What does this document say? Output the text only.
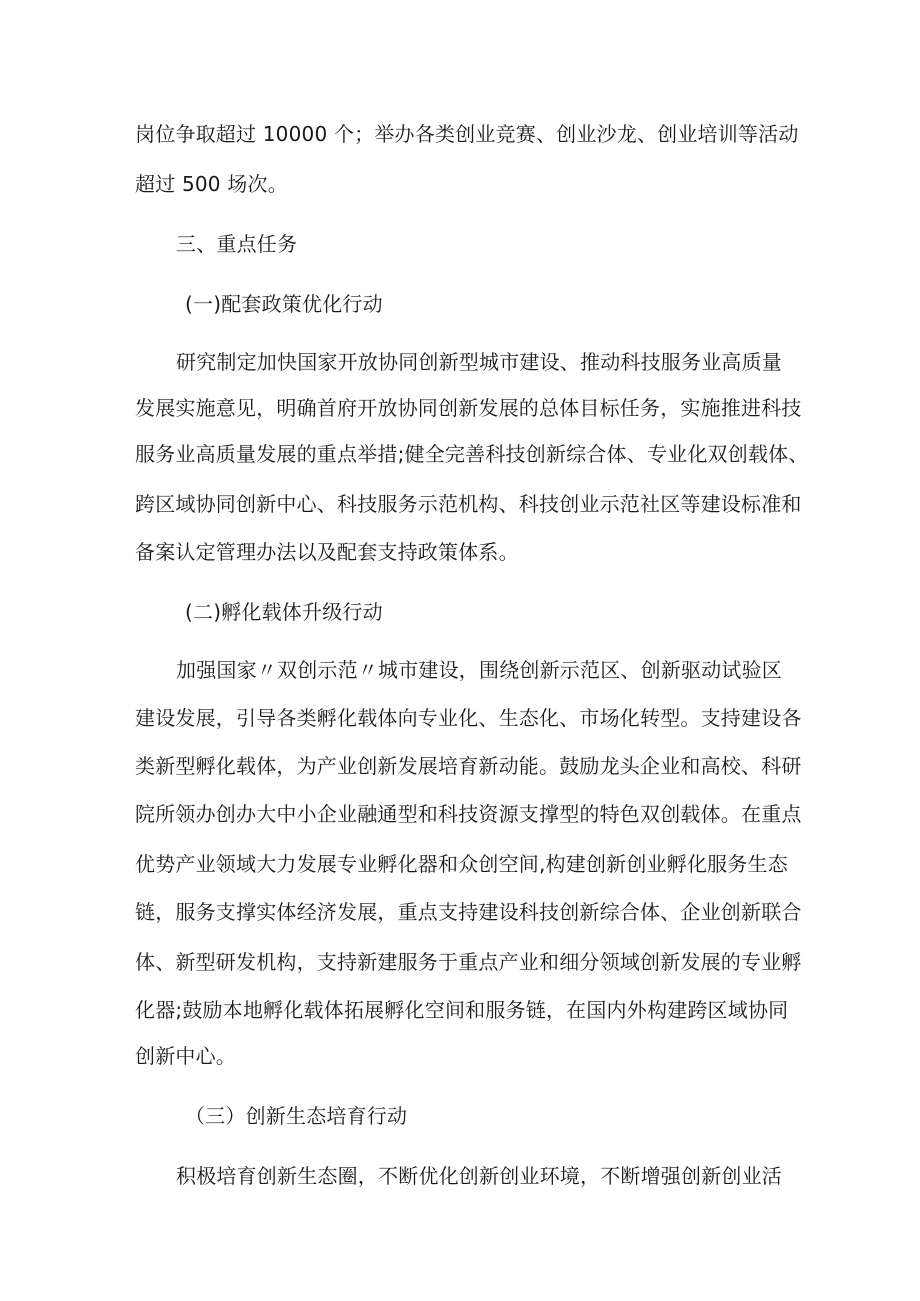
岗位争取超过 10000 个；举办各类创业竞赛、创业沙龙、创业培训等活动

超过 500 场次。

三、重点任务

(一)配套政策优化行动

研究制定加快国家开放协同创新型城市建设、推动科技服务业高质量

发展实施意见，明确首府开放协同创新发展的总体目标任务，实施推进科技

服务业高质量发展的重点举措;健全完善科技创新综合体、专业化双创载体、

跨区域协同创新中心、科技服务示范机构、科技创业示范社区等建设标准和

备案认定管理办法以及配套支持政策体系。

(二)孵化载体升级行动

加强国家〃双创示范〃城市建设，围绕创新示范区、创新驱动试验区

建设发展，引导各类孵化载体向专业化、生态化、市场化转型。支持建设各

类新型孵化载体，为产业创新发展培育新动能。鼓励龙头企业和高校、科研

院所领办创办大中小企业融通型和科技资源支撑型的特色双创载体。在重点

优势产业领域大力发展专业孵化器和众创空间,构建创新创业孵化服务生态

链，服务支撑实体经济发展，重点支持建设科技创新综合体、企业创新联合

体、新型研发机构，支持新建服务于重点产业和细分领域创新发展的专业孵

化器;鼓励本地孵化载体拓展孵化空间和服务链，在国内外构建跨区域协同

创新中心。

（三）创新生态培育行动

积极培育创新生态圈，不断优化创新创业环境，不断增强创新创业活
